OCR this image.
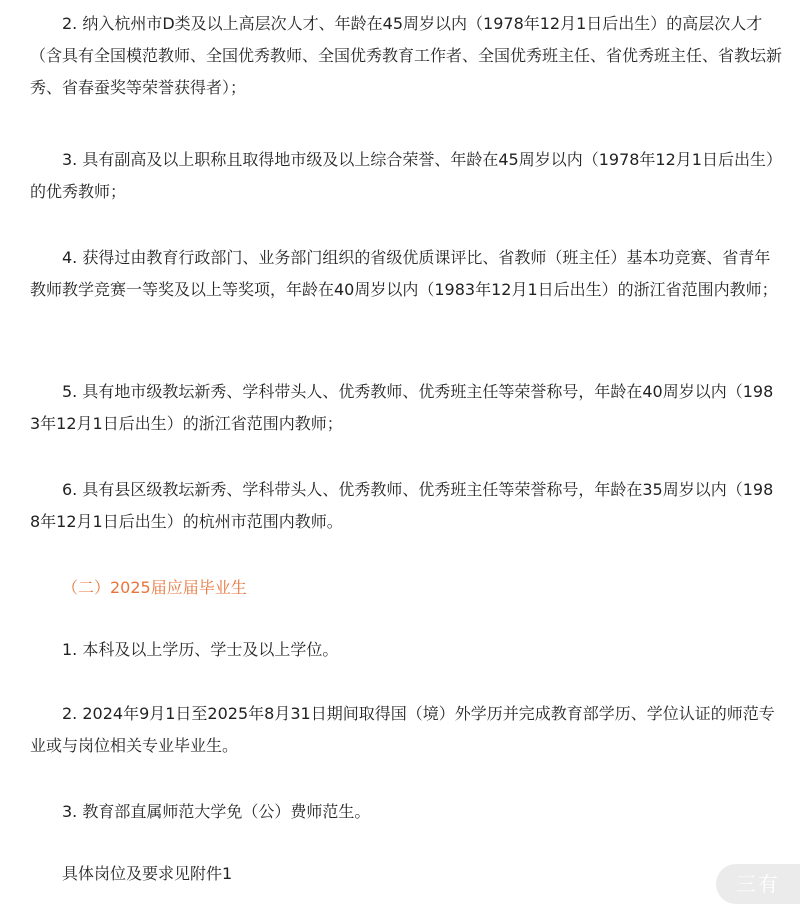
2. 纳入杭州市D类及以上高层次人才、年龄在45周岁以内（1978年12月1日后出生）的高层次人才（含具有全国模范教师、全国优秀教师、全国优秀教育工作者、全国优秀班主任、省优秀班主任、省教坛新秀、省春蚕奖等荣誉获得者）；

3. 具有副高及以上职称且取得地市级及以上综合荣誉、年龄在45周岁以内（1978年12月1日后出生）的优秀教师；

4. 获得过由教育行政部门、业务部门组织的省级优质课评比、省教师（班主任）基本功竞赛、省青年教师教学竞赛一等奖及以上等奖项，年龄在40周岁以内（1983年12月1日后出生）的浙江省范围内教师；

5. 具有地市级教坛新秀、学科带头人、优秀教师、优秀班主任等荣誉称号，年龄在40周岁以内（1983年12月1日后出生）的浙江省范围内教师；

6. 具有县区级教坛新秀、学科带头人、优秀教师、优秀班主任等荣誉称号，年龄在35周岁以内（1988年12月1日后出生）的杭州市范围内教师。

（二）2025届应届毕业生

1. 本科及以上学历、学士及以上学位。

2. 2024年9月1日至2025年8月31日期间取得国（境）外学历并完成教育部学历、学位认证的师范专业或与岗位相关专业毕业生。

3. 教育部直属师范大学免（公）费师范生。

具体岗位及要求见附件1	三有
